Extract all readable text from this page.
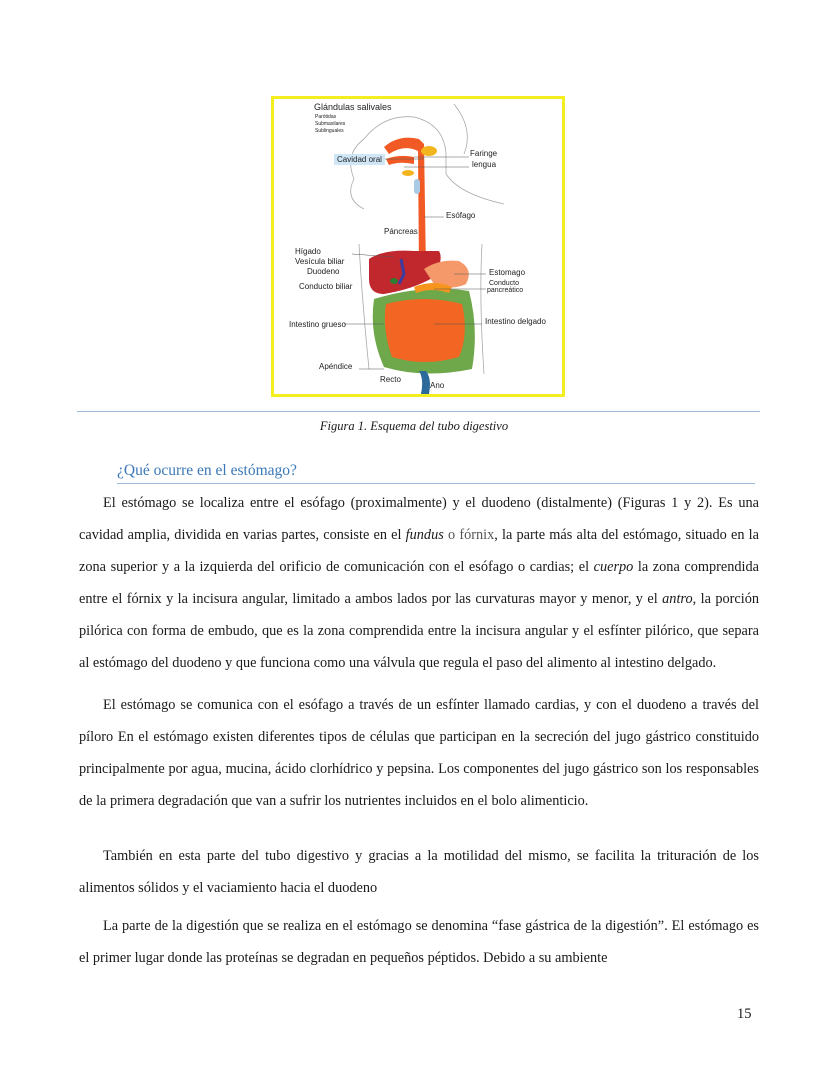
Glándulas salivales
Parótidas
Submaxilares
Sublinguales
Cavidad oral
Faringe
lengua
Esófago
Páncreas
Hígado
Vesícula biliar
Duodeno
Conducto biliar
Estomago
Conducto
pancreático
Intestino grueso	Intestino delgado
Apéndice
Recto
Ano
Figura 1. Esquema del tubo digestivo
¿Qué ocurre en el estómago?

El estómago se localiza entre el esófago (proximalmente) y el duodeno (distalmente) (Figuras 1 y 2). Es una cavidad amplia, dividida en varias partes, consiste en el fundus o fórnix, la parte más alta del estómago, situado en la zona superior y a la izquierda del orificio de comunicación con el esófago o cardias; el cuerpo la zona comprendida entre el fórnix y la incisura angular, limitado a ambos lados por las curvaturas mayor y menor, y el antro, la porción pilórica con forma de embudo, que es la zona comprendida entre la incisura angular y el esfínter pilórico, que separa al estómago del duodeno y que funciona como una válvula que regula el paso del alimento al intestino delgado.

El estómago se comunica con el esófago a través de un esfínter llamado cardias, y con el duodeno a través del píloro En el estómago existen diferentes tipos de células que participan en la secreción del jugo gástrico constituido principalmente por agua, mucina, ácido clorhídrico y pepsina. Los componentes del jugo gástrico son los responsables de la primera degradación que van a sufrir los nutrientes incluidos en el bolo alimenticio.

También en esta parte del tubo digestivo y gracias a la motilidad del mismo, se facilita la trituración de los alimentos sólidos y el vaciamiento hacia el duodeno

La parte de la digestión que se realiza en el estómago se denomina “fase gástrica de la digestión”. El estómago es el primer lugar donde las proteínas se degradan en pequeños péptidos. Debido a su ambiente

15
